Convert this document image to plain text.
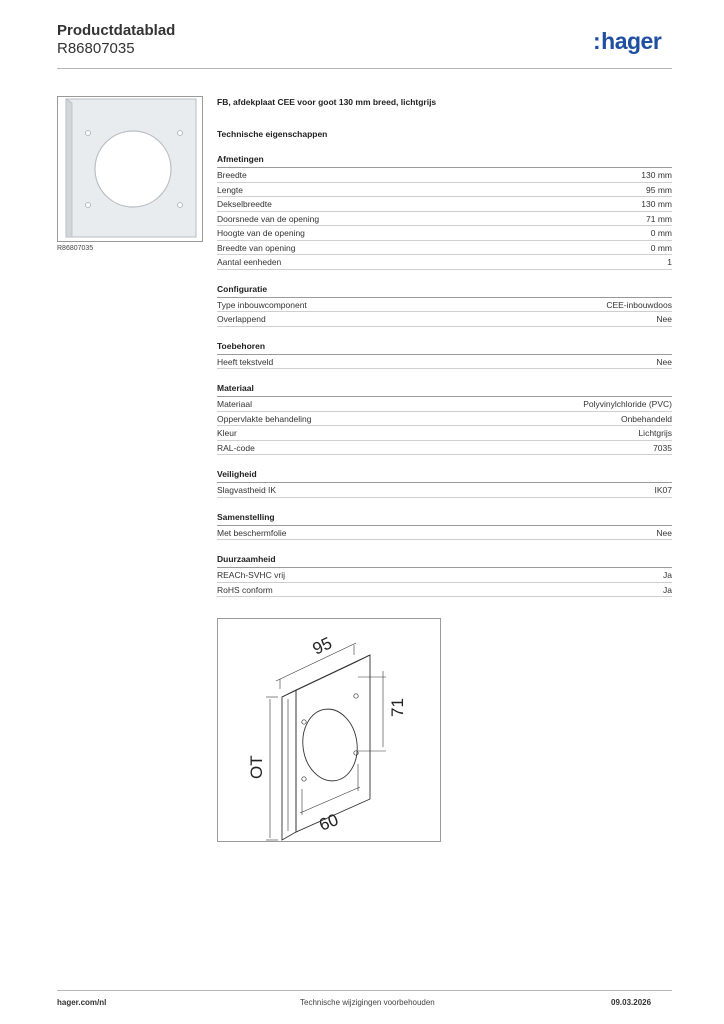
Productdatablad
R86807035	:hager
R86807035
FB, afdekplaat CEE voor goot 130 mm breed, lichtgrijs
Technische eigenschappen
Afmetingen
Breedte	130 mm
Lengte	95 mm
Dekselbreedte	130 mm
Doorsnede van de opening	71 mm
Hoogte van de opening	0 mm
Breedte van opening	0 mm
Aantal eenheden	1
Configuratie
Type inbouwcomponent	CEE-inbouwdoos
Overlappend	Nee
Toebehoren
Heeft tekstveld	Nee
Materiaal
Materiaal	Polyvinylchloride (PVC)
Oppervlakte behandeling	Onbehandeld
Kleur	Lichtgrijs
RAL-code	7035
Veiligheid
Slagvastheid IK	IK07
Samenstelling
Met beschermfolie	Nee
Duurzaamheid
REACh-SVHC vrij	Ja
RoHS conform	Ja
95
71
OT
60
hager.com/nl	Technische wijzigingen voorbehouden	09.03.2026
